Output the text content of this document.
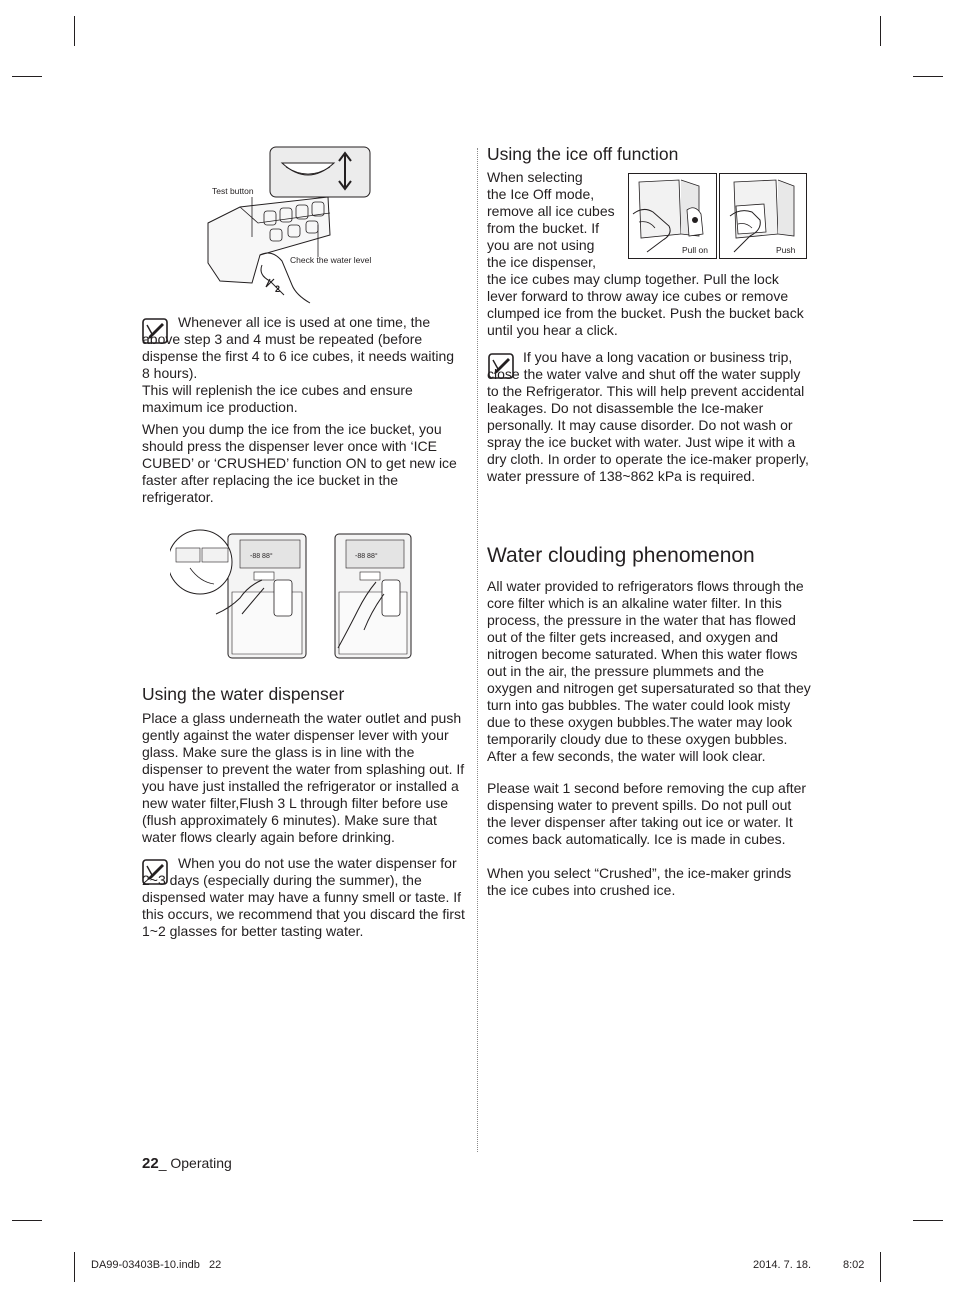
Test button
Check the water level
2

Whenever all ice is used at one time, the above step 3 and 4 must be repeated (before dispense the first 4 to 6 ice cubes, it needs waiting 8 hours).

This will replenish the ice cubes and ensure maximum ice production.

When you dump the ice from the ice bucket, you should press the dispenser lever once with ‘ICE CUBED’ or ‘CRUSHED’ function ON to get new ice faster after replacing the ice bucket in the refrigerator.

-88 88°	-88 88°
Using the water dispenser

Place a glass underneath the water outlet and push gently against the water dispenser lever with your glass. Make sure the glass is in line with the dispenser to prevent the water from splashing out. If you have just installed the refrigerator or installed a new water filter,Flush 3 L through filter before use (flush approximately 6 minutes). Make sure that water flows clearly again before drinking.

When you do not use the water dispenser for 2~3 days (especially during the summer), the dispensed water may have a funny smell or taste. If this occurs, we recommend that you discard the first 1~2 glasses for better tasting water.

22_ Operating
Using the ice off function
When selecting
the Ice Off mode,
remove all ice cubes
from the bucket. If
you are not using
the ice dispenser,
Pull on	Push

the ice cubes may clump together. Pull the lock lever forward to throw away ice cubes or remove clumped ice from the bucket. Push the bucket back until you hear a click.

If you have a long vacation or business trip, close the water valve and shut off the water supply to the Refrigerator. This will help prevent accidental leakages. Do not disassemble the Ice-maker personally. It may cause disorder. Do not wash or spray the ice bucket with water. Just wipe it with a dry cloth. In order to operate the ice-maker properly, water pressure of 138~862 kPa is required.

Water clouding phenomenon

All water provided to refrigerators flows through the core filter which is an alkaline water filter. In this process, the pressure in the water that has flowed out of the filter gets increased, and oxygen and nitrogen become saturated. When this water flows out in the air, the pressure plummets and the oxygen and nitrogen get supersaturated so that they turn into gas bubbles. The water could look misty due to these oxygen bubbles.The water may look temporarily cloudy due to these oxygen bubbles. After a few seconds, the water will look clear.

Please wait 1 second before removing the cup after dispensing water to prevent spills. Do not pull out the lever dispenser after taking out ice or water. It comes back automatically. Ice is made in cubes.

When you select “Crushed”, the ice-maker grinds the ice cubes into crushed ice.

DA99-03403B-10.indb   22	2014. 7. 18.	8:02
